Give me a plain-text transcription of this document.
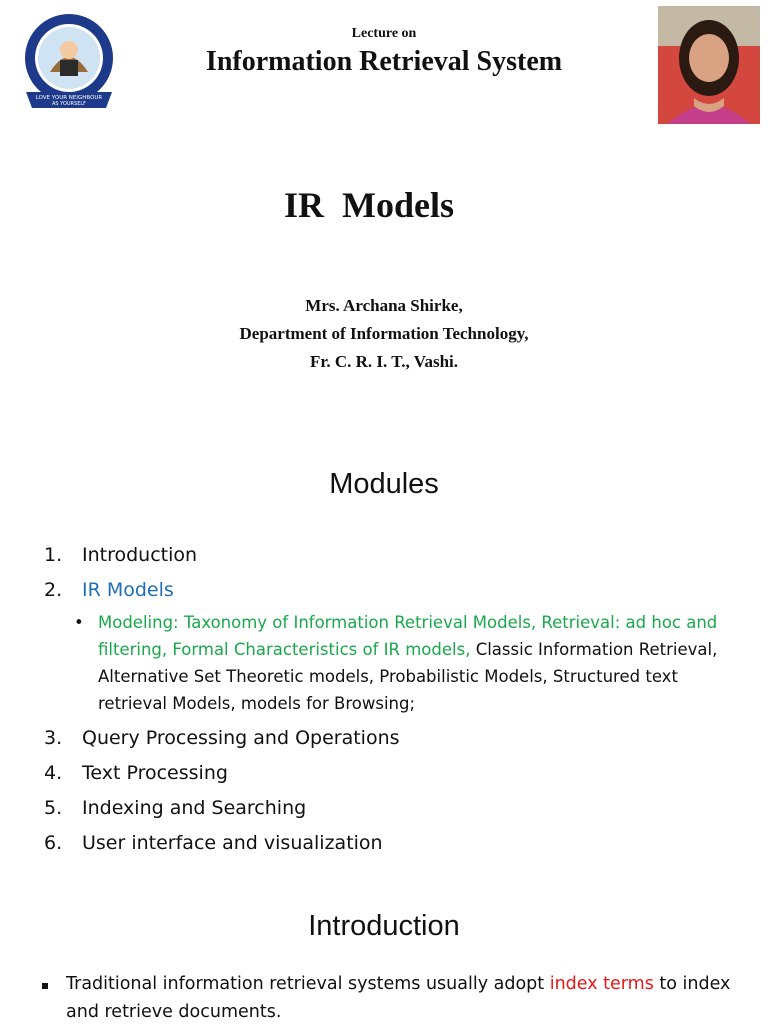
LOVE YOUR NEIGHBOUR
AS YOURSELF
Lecture on
Information Retrieval System
IR  Models
Mrs. Archana Shirke,
Department of Information Technology,
Fr. C. R. I. T., Vashi.
Modules
1.	Introduction
2.	IR Models
• Modeling: Taxonomy of Information Retrieval Models, Retrieval: ad hoc and filtering, Formal Characteristics of IR models, Classic Information Retrieval, Alternative Set Theoretic models, Probabilistic Models, Structured text retrieval Models, models for Browsing;
3.	Query Processing and Operations
4.	Text Processing
5.	Indexing and Searching
6.	User interface and visualization
Introduction
Traditional information retrieval systems usually adopt index terms to index and retrieve documents.
